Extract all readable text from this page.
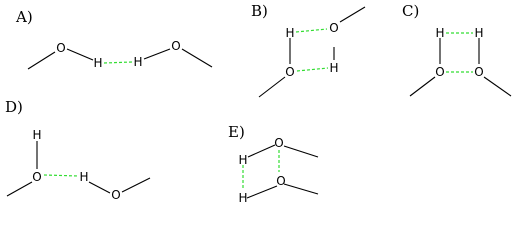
A)
O
H	H
O
B)
H
O
O
H
C)
H H
O O
D)
H
O	H
O
E)
O
H
O
H
